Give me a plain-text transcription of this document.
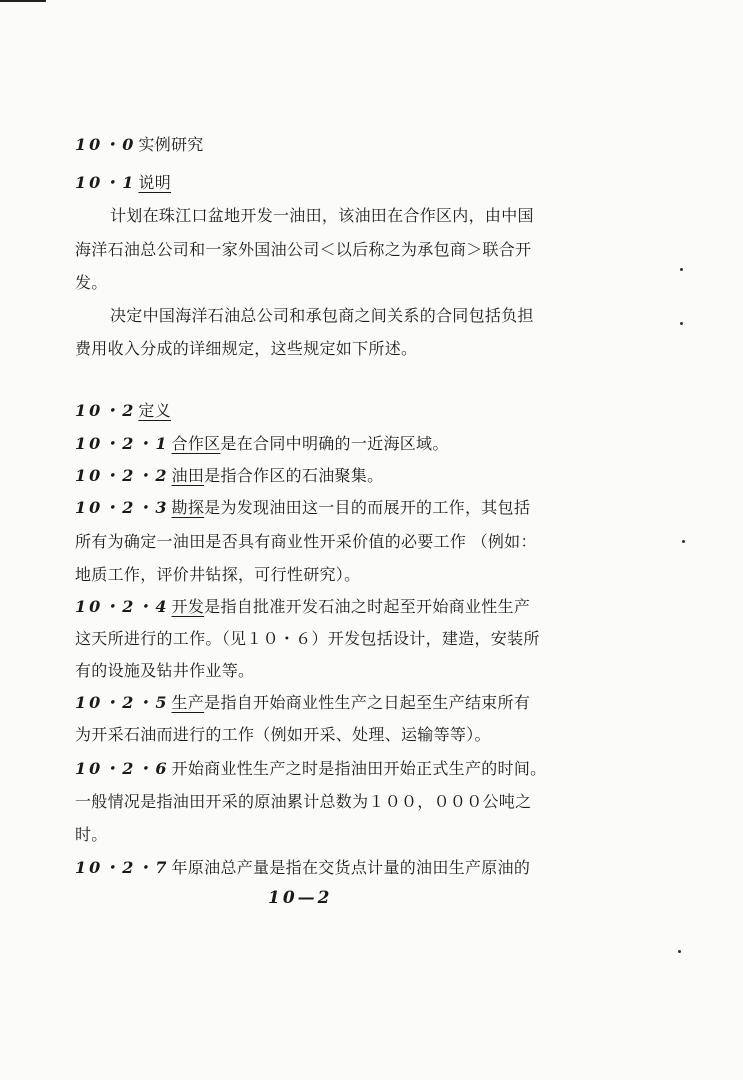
10・0 实例研究
10・1 说明
计划在珠江口盆地开发一油田，该油田在合作区内，由中国
海洋石油总公司和一家外国油公司＜以后称之为承包商＞联合开
发。
决定中国海洋石油总公司和承包商之间关系的合同包括负担
费用收入分成的详细规定，这些规定如下所述。
10・2 定义
10・2・1 合作区是在合同中明确的一近海区域。
10・2・2 油田是指合作区的石油聚集。
10・2・3 勘探是为发现油田这一目的而展开的工作，其包括
所有为确定一油田是否具有商业性开采价值的必要工作 （例如：
地质工作，评价井钻探，可行性研究）。
10・2・4 开发是指自批准开发石油之时起至开始商业性生产
这天所进行的工作。（见１０・６）开发包括设计，建造，安装所
有的设施及钻井作业等。
10・2・5 生产是指自开始商业性生产之日起至生产结束所有
为开采石油而进行的工作（例如开采、处理、运输等等）。
10・2・6 开始商业性生产之时是指油田开始正式生产的时间。
一般情况是指油田开采的原油累计总数为１００，０００公吨之
时。
10・2・7 年原油总产量是指在交货点计量的油田生产原油的
10—2
